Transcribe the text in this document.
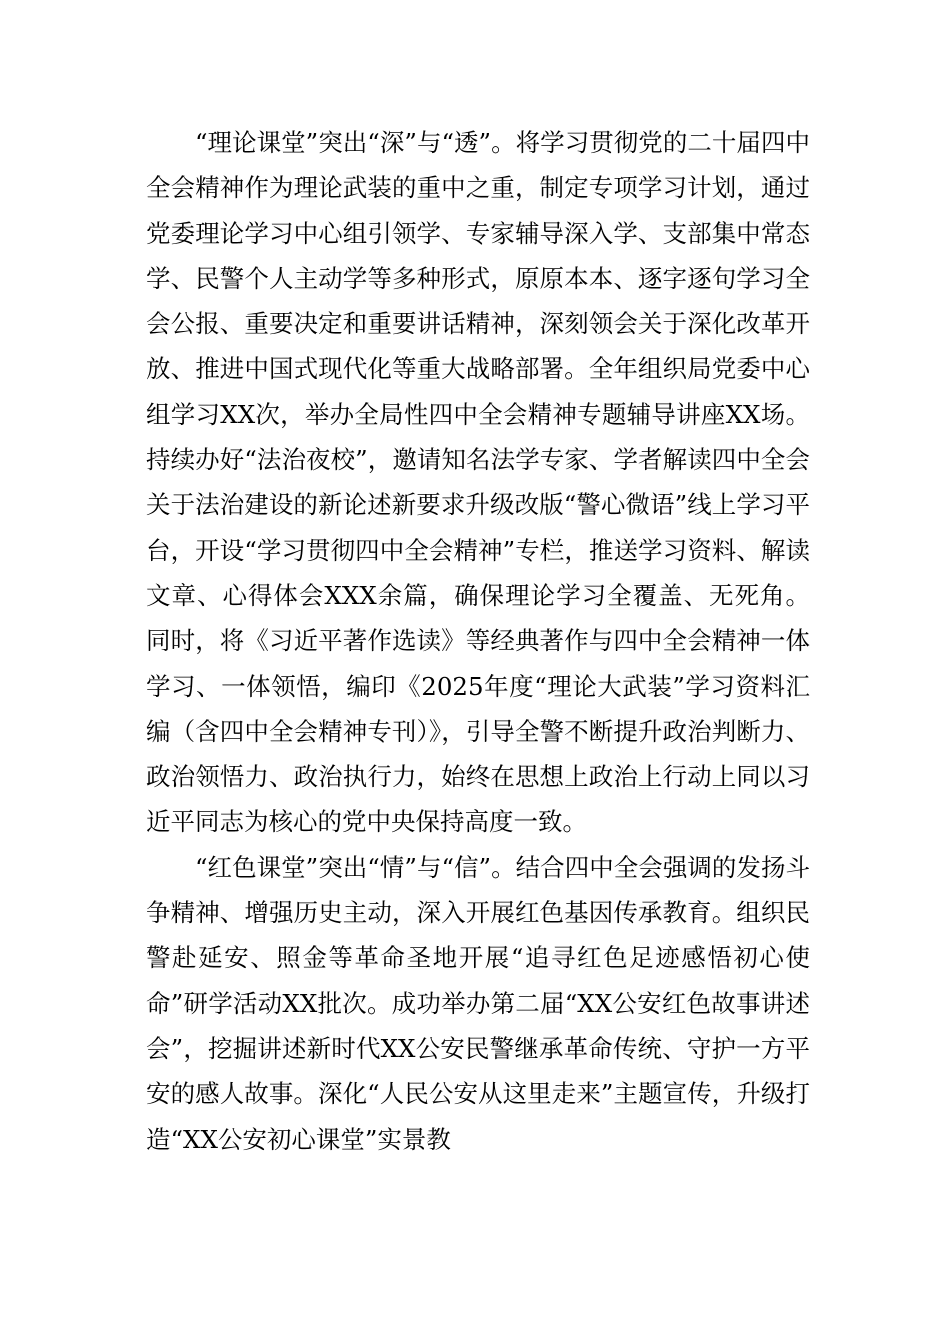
“理论课堂”突出“深”与“透”。将学习贯彻党的二十届四中全会精神作为理论武装的重中之重，制定专项学习计划，通过党委理论学习中心组引领学、专家辅导深入学、支部集中常态学、民警个人主动学等多种形式，原原本本、逐字逐句学习全会公报、重要决定和重要讲话精神，深刻领会关于深化改革开放、推进中国式现代化等重大战略部署。全年组织局党委中心组学习XX次，举办全局性四中全会精神专题辅导讲座XX场。持续办好“法治夜校”，邀请知名法学专家、学者解读四中全会关于法治建设的新论述新要求升级改版“警心微语”线上学习平台，开设“学习贯彻四中全会精神”专栏，推送学习资料、解读文章、心得体会XXX余篇，确保理论学习全覆盖、无死角。同时，将《习近平著作选读》等经典著作与四中全会精神一体学习、一体领悟，编印《2025年度“理论大武装”学习资料汇编（含四中全会精神专刊）》，引导全警不断提升政治判断力、政治领悟力、政治执行力，始终在思想上政治上行动上同以习近平同志为核心的党中央保持高度一致。

“红色课堂”突出“情”与“信”。结合四中全会强调的发扬斗争精神、增强历史主动，深入开展红色基因传承教育。组织民警赴延安、照金等革命圣地开展“追寻红色足迹感悟初心使命”研学活动XX批次。成功举办第二届“XX公安红色故事讲述会”，挖掘讲述新时代XX公安民警继承革命传统、守护一方平安的感人故事。深化“人民公安从这里走来”主题宣传，升级打造“XX公安初心课堂”实景教
